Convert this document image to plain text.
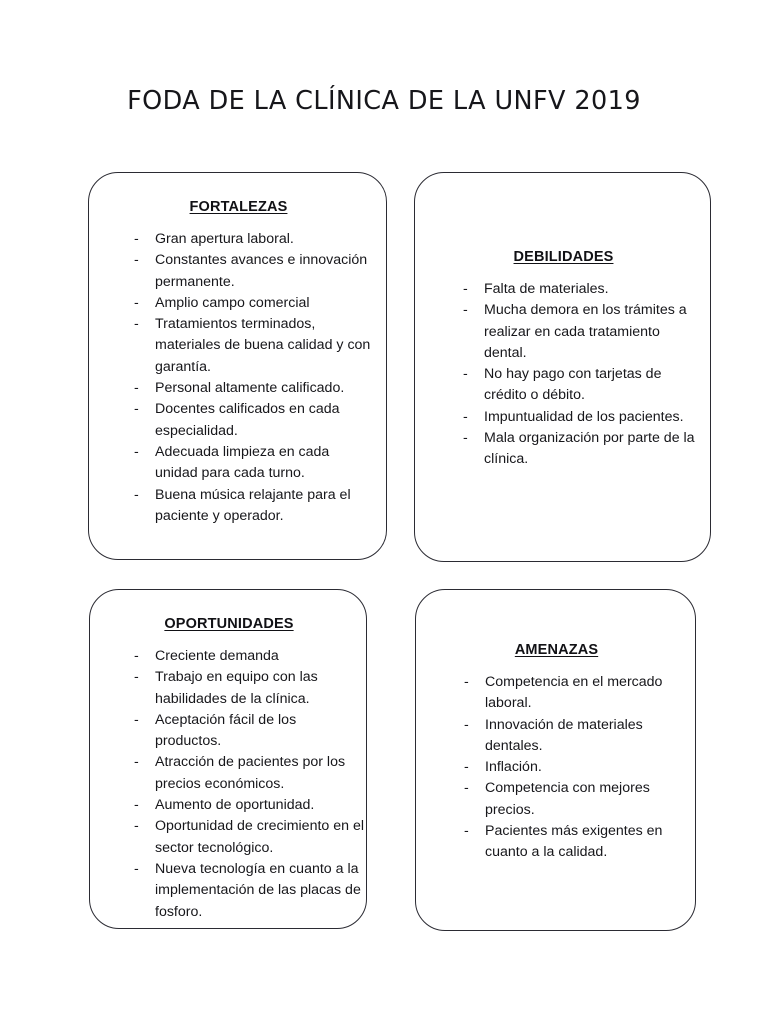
FODA DE LA CLÍNICA DE LA UNFV 2019
FORTALEZAS
- Gran apertura laboral.
- Constantes avances e innovación permanente.
- Amplio campo comercial
- Tratamientos terminados, materiales de buena calidad y con garantía.
- Personal altamente calificado.
- Docentes calificados en cada especialidad.
- Adecuada limpieza en cada unidad para cada turno.
- Buena música relajante para el paciente y operador.
DEBILIDADES
- Falta de materiales.
- Mucha demora en los trámites a realizar en cada tratamiento dental.
- No hay pago con tarjetas de crédito o débito.
- Impuntualidad de los pacientes.
- Mala organización por parte de la clínica.
OPORTUNIDADES
- Creciente demanda
- Trabajo en equipo con las habilidades de la clínica.
- Aceptación fácil de los productos.
- Atracción de pacientes por los precios económicos.
- Aumento de oportunidad.
- Oportunidad de crecimiento en el sector tecnológico.
- Nueva tecnología en cuanto a la implementación de las placas de fosforo.
AMENAZAS
- Competencia en el mercado laboral.
- Innovación de materiales dentales.
- Inflación.
- Competencia con mejores precios.
- Pacientes más exigentes en cuanto a la calidad.
